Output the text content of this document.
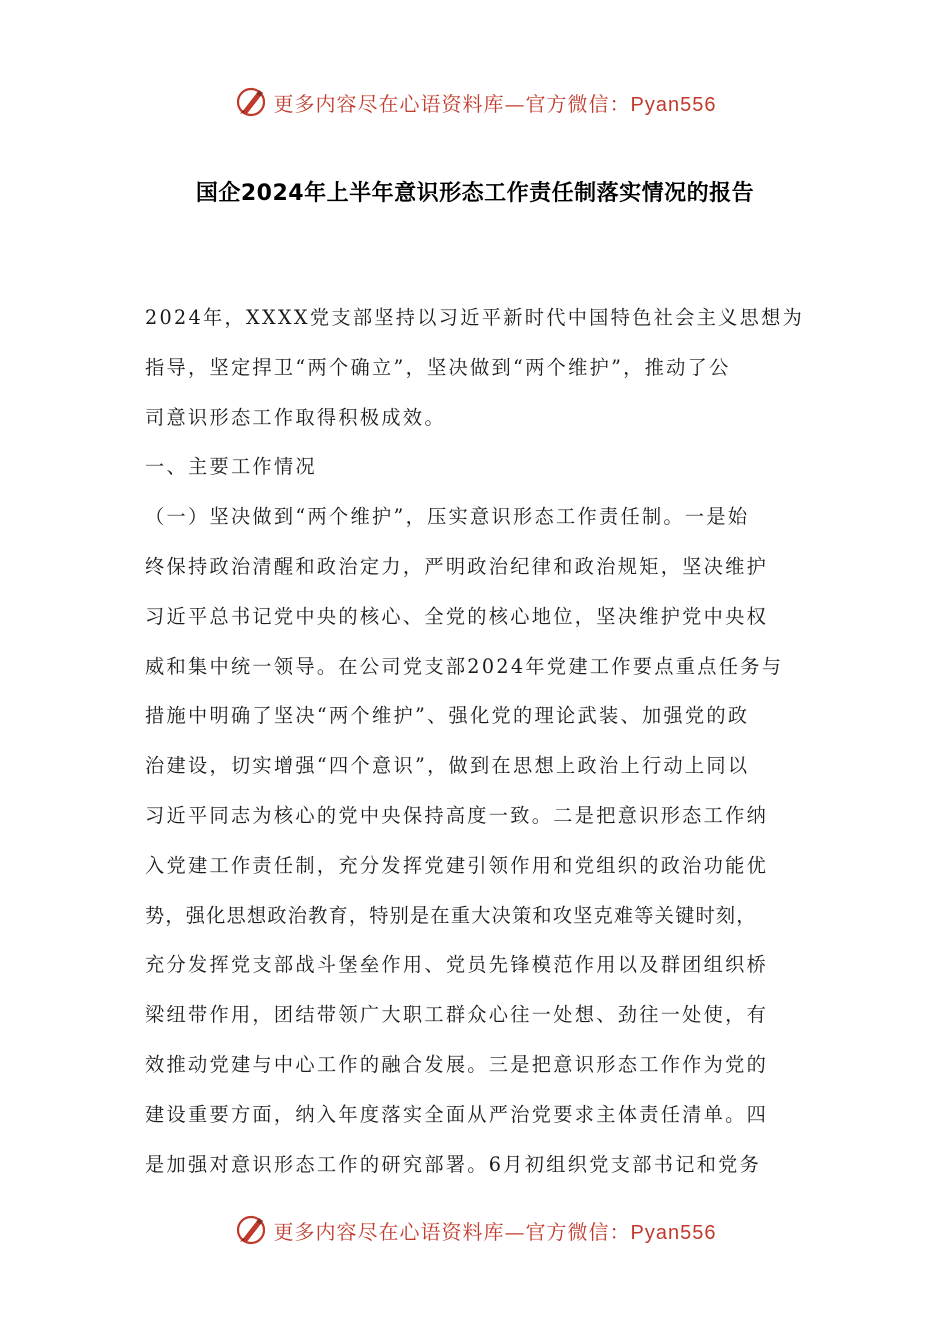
更多内容尽在心语资料库—官方微信：Pyan556
国企2024年上半年意识形态工作责任制落实情况的报告
2024年，XXXX党支部坚持以习近平新时代中国特色社会主义思想为
指导，坚定捍卫“两个确立”，坚决做到“两个维护”，推动了公
司意识形态工作取得积极成效。
一、主要工作情况
（一）坚决做到“两个维护”，压实意识形态工作责任制。一是始
终保持政治清醒和政治定力，严明政治纪律和政治规矩，坚决维护
习近平总书记党中央的核心、全党的核心地位，坚决维护党中央权
威和集中统一领导。在公司党支部2024年党建工作要点重点任务与
措施中明确了坚决“两个维护”、强化党的理论武装、加强党的政
治建设，切实增强“四个意识”，做到在思想上政治上行动上同以
习近平同志为核心的党中央保持高度一致。二是把意识形态工作纳
入党建工作责任制，充分发挥党建引领作用和党组织的政治功能优
势，强化思想政治教育，特别是在重大决策和攻坚克难等关键时刻，
充分发挥党支部战斗堡垒作用、党员先锋模范作用以及群团组织桥
梁纽带作用，团结带领广大职工群众心往一处想、劲往一处使，有
效推动党建与中心工作的融合发展。三是把意识形态工作作为党的
建设重要方面，纳入年度落实全面从严治党要求主体责任清单。四
是加强对意识形态工作的研究部署。6月初组织党支部书记和党务
更多内容尽在心语资料库—官方微信：Pyan556
